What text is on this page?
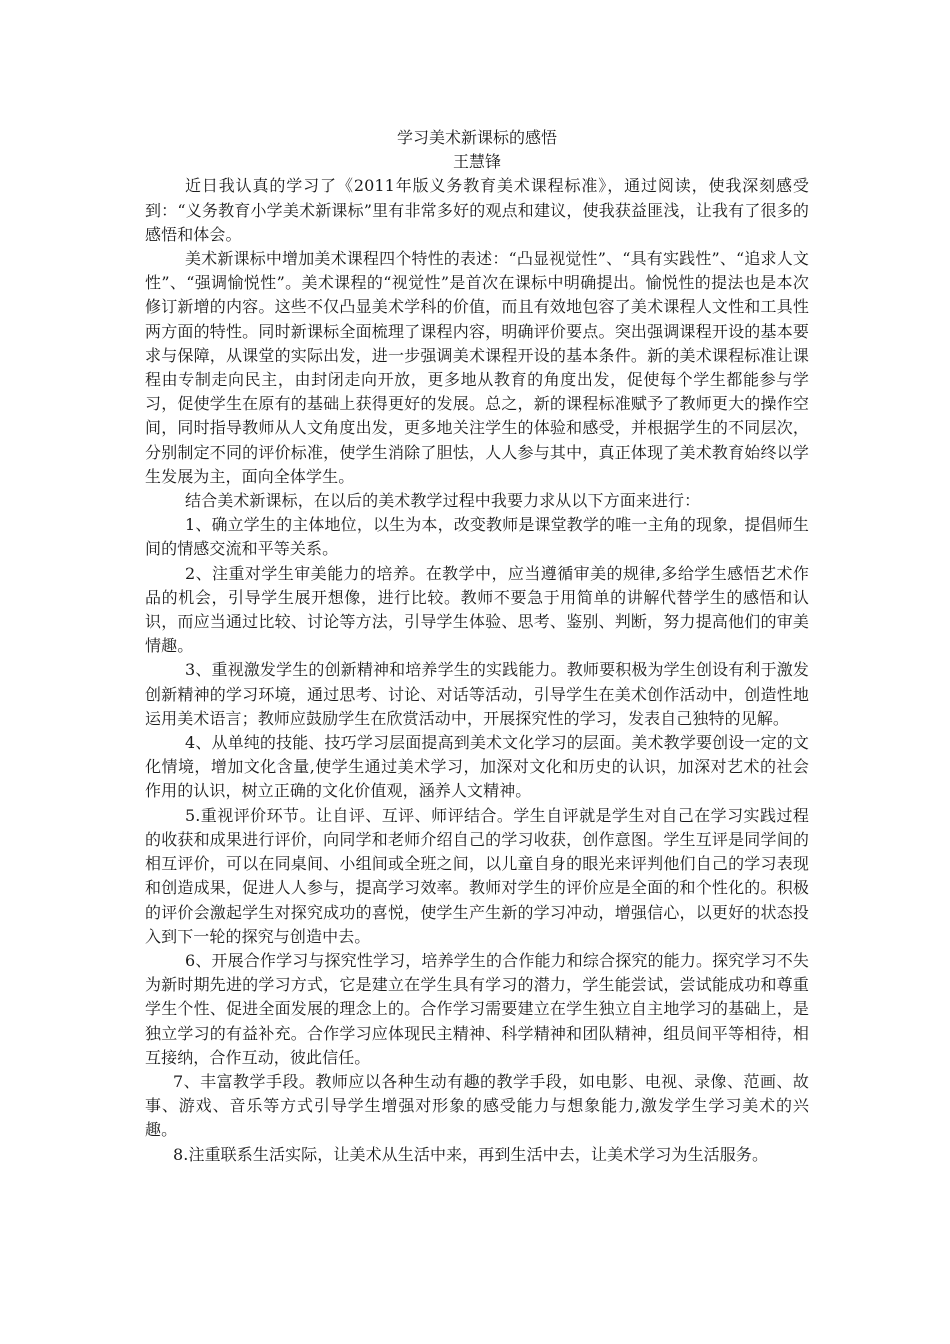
学习美术新课标的感悟

王慧锋

近日我认真的学习了《2011年版义务教育美术课程标准》，通过阅读，使我深刻感受到：“义务教育小学美术新课标”里有非常多好的观点和建议，使我获益匪浅，让我有了很多的感悟和体会。

美术新课标中增加美术课程四个特性的表述：“凸显视觉性”、“具有实践性”、“追求人文性”、“强调愉悦性”。美术课程的“视觉性”是首次在课标中明确提出。愉悦性的提法也是本次修订新增的内容。这些不仅凸显美术学科的价值，而且有效地包容了美术课程人文性和工具性两方面的特性。同时新课标全面梳理了课程内容，明确评价要点。突出强调课程开设的基本要求与保障，从课堂的实际出发，进一步强调美术课程开设的基本条件。新的美术课程标准让课程由专制走向民主，由封闭走向开放，更多地从教育的角度出发，促使每个学生都能参与学习，促使学生在原有的基础上获得更好的发展。总之，新的课程标准赋予了教师更大的操作空间，同时指导教师从人文角度出发，更多地关注学生的体验和感受，并根据学生的不同层次，分别制定不同的评价标准，使学生消除了胆怯，人人参与其中，真正体现了美术教育始终以学生发展为主，面向全体学生。

结合美术新课标，在以后的美术教学过程中我要力求从以下方面来进行：

1、确立学生的主体地位，以生为本，改变教师是课堂教学的唯一主角的现象，提倡师生间的情感交流和平等关系。

2、注重对学生审美能力的培养。在教学中，应当遵循审美的规律,多给学生感悟艺术作品的机会，引导学生展开想像，进行比较。教师不要急于用简单的讲解代替学生的感悟和认识，而应当通过比较、讨论等方法，引导学生体验、思考、鉴别、判断，努力提高他们的审美情趣。

3、重视激发学生的创新精神和培养学生的实践能力。教师要积极为学生创设有利于激发创新精神的学习环境，通过思考、讨论、对话等活动，引导学生在美术创作活动中，创造性地运用美术语言；教师应鼓励学生在欣赏活动中，开展探究性的学习，发表自己独特的见解。

4、从单纯的技能、技巧学习层面提高到美术文化学习的层面。美术教学要创设一定的文化情境，增加文化含量,使学生通过美术学习，加深对文化和历史的认识，加深对艺术的社会作用的认识，树立正确的文化价值观，涵养人文精神。

5.重视评价环节。让自评、互评、师评结合。学生自评就是学生对自己在学习实践过程的收获和成果进行评价，向同学和老师介绍自己的学习收获，创作意图。学生互评是同学间的相互评价，可以在同桌间、小组间或全班之间，以儿童自身的眼光来评判他们自己的学习表现和创造成果，促进人人参与，提高学习效率。教师对学生的评价应是全面的和个性化的。积极的评价会激起学生对探究成功的喜悦，使学生产生新的学习冲动，增强信心，以更好的状态投入到下一轮的探究与创造中去。

6、开展合作学习与探究性学习，培养学生的合作能力和综合探究的能力。探究学习不失为新时期先进的学习方式，它是建立在学生具有学习的潜力，学生能尝试，尝试能成功和尊重学生个性、促进全面发展的理念上的。合作学习需要建立在学生独立自主地学习的基础上，是独立学习的有益补充。合作学习应体现民主精神、科学精神和团队精神，组员间平等相待，相互接纳，合作互动，彼此信任。

7、丰富教学手段。教师应以各种生动有趣的教学手段，如电影、电视、录像、范画、故事、游戏、音乐等方式引导学生增强对形象的感受能力与想象能力,激发学生学习美术的兴趣。

8.注重联系生活实际，让美术从生活中来，再到生活中去，让美术学习为生活服务。
